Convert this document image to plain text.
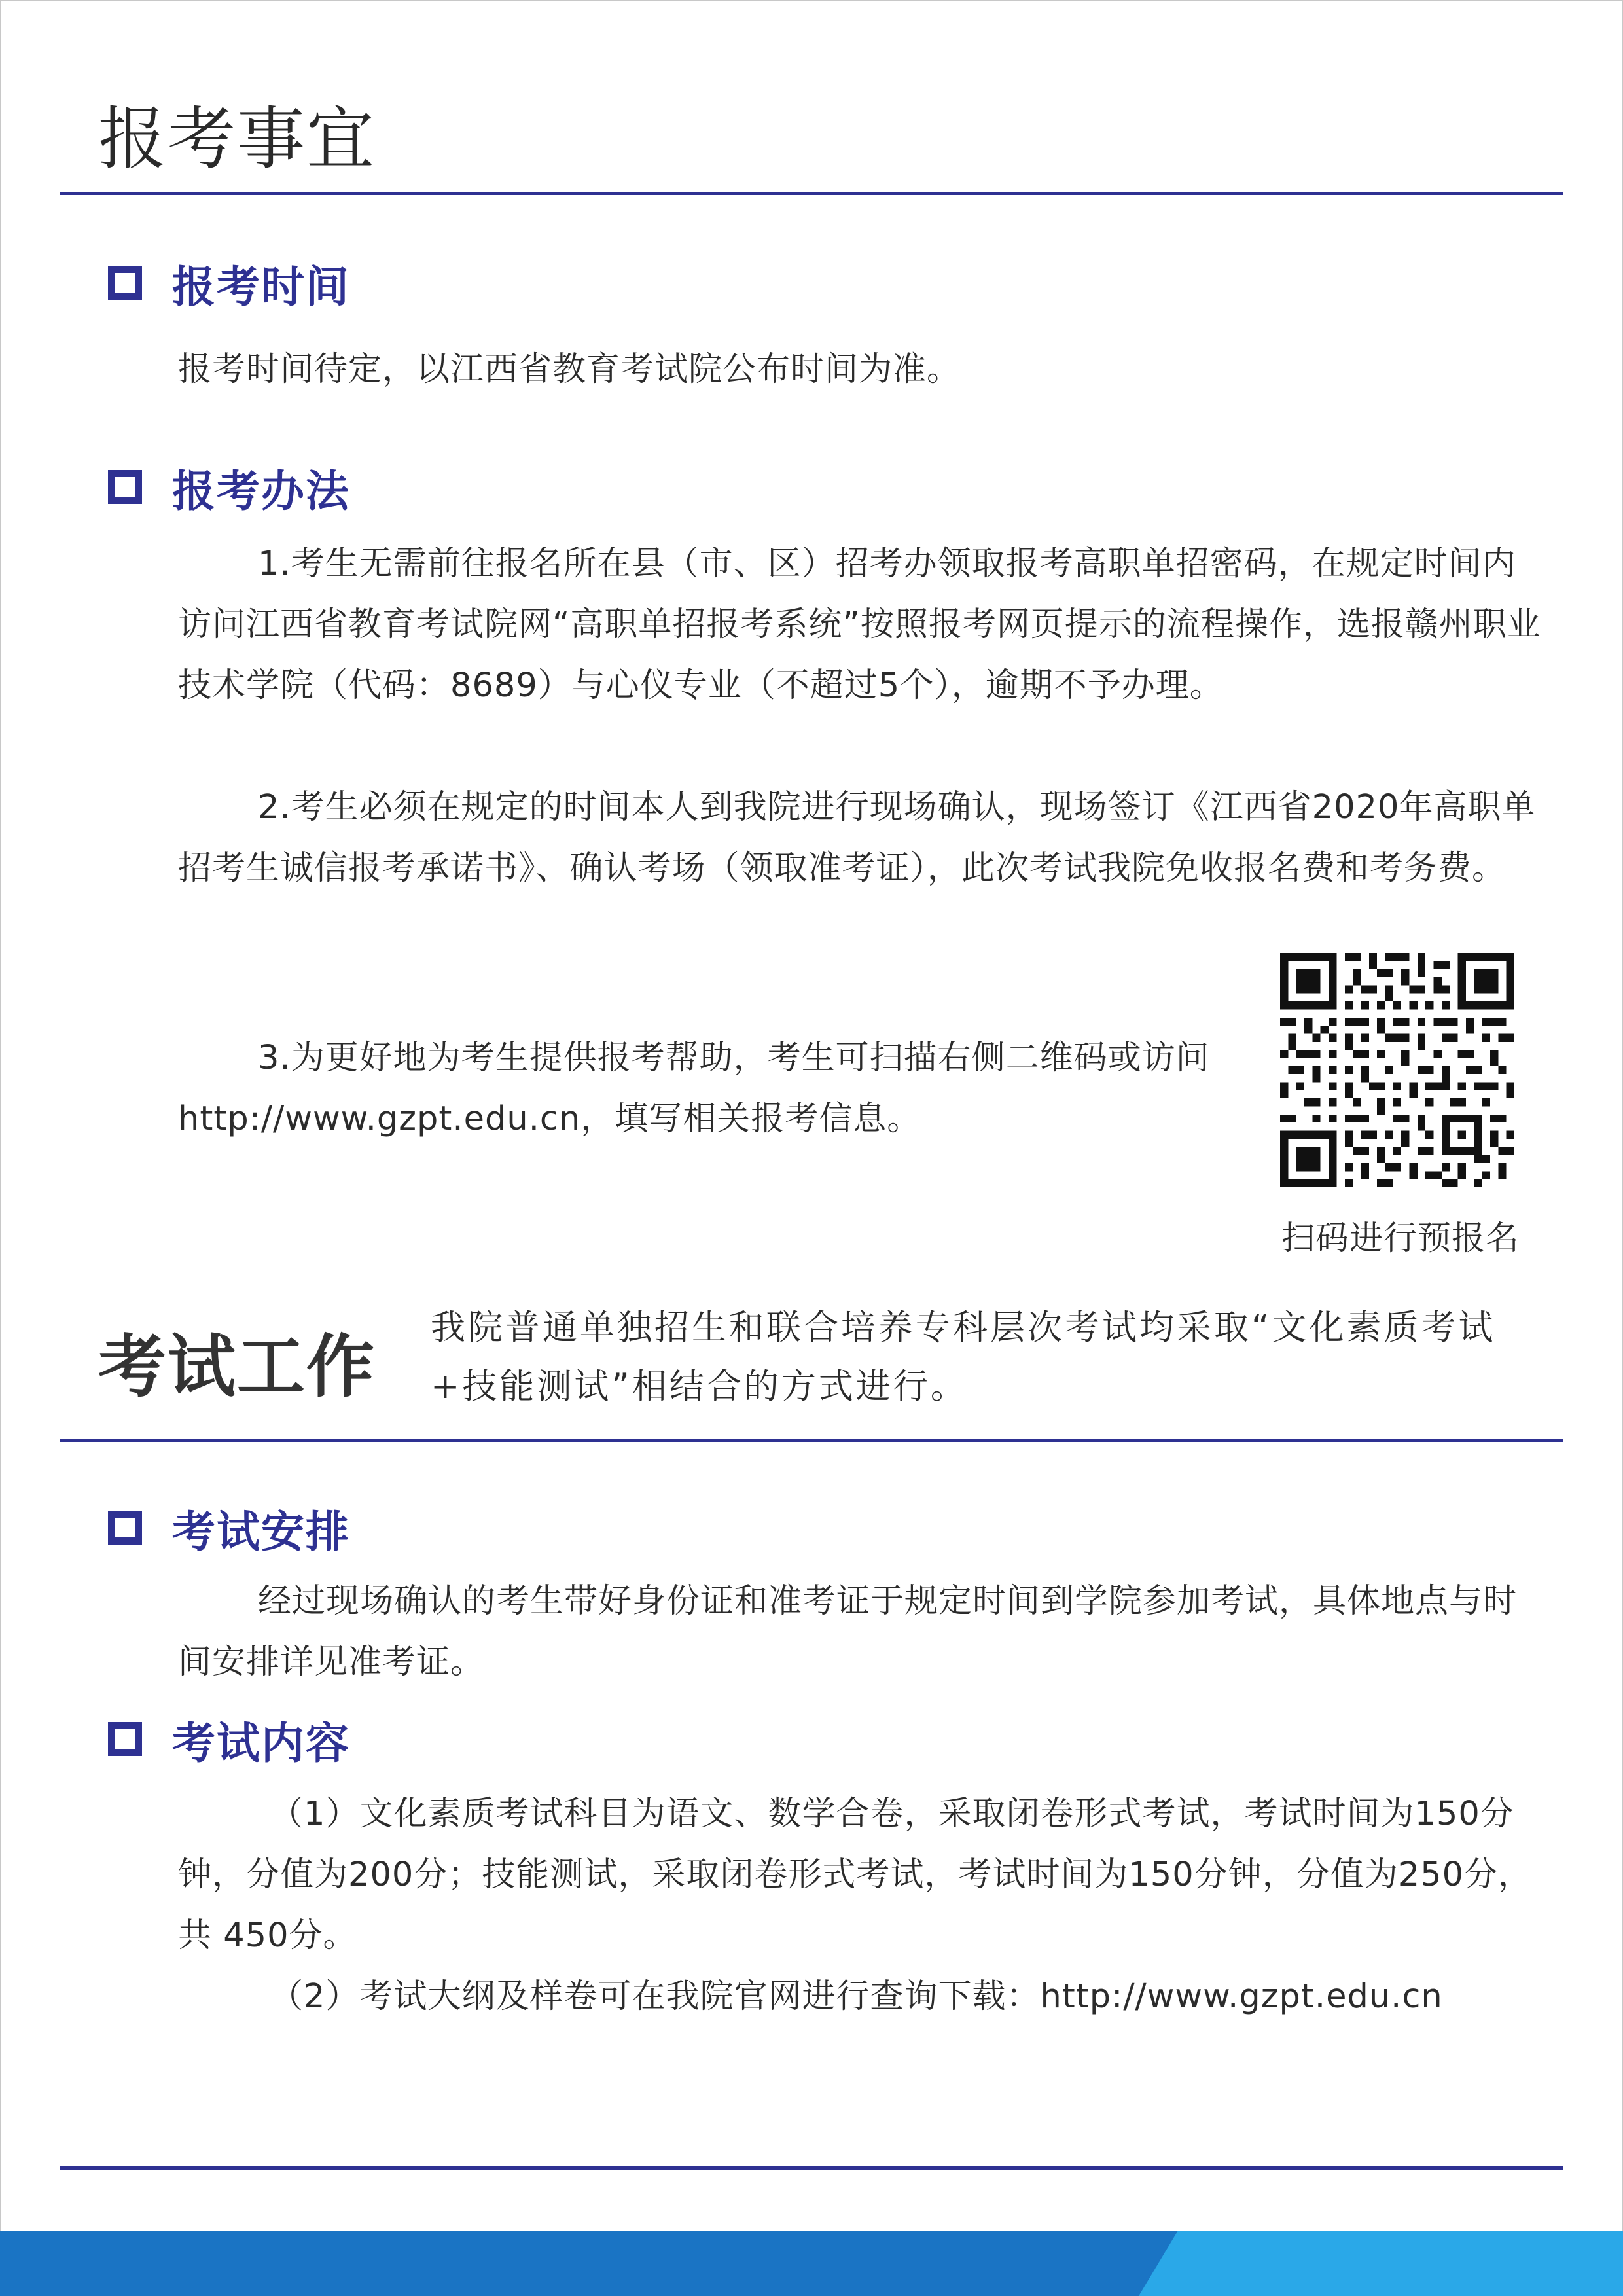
报考事宜
报考时间

报考时间待定，以江西省教育考试院公布时间为准。

报考办法

1.考生无需前往报名所在县（市、区）招考办领取报考高职单招密码，在规定时间内访问江西省教育考试院网“高职单招报考系统”按照报考网页提示的流程操作，选报赣州职业技术学院（代码：8689）与心仪专业（不超过5个），逾期不予办理。

2.考生必须在规定的时间本人到我院进行现场确认，现场签订《江西省2020年高职单招考生诚信报考承诺书》、确认考场（领取准考证），此次考试我院免收报名费和考务费。

3.为更好地为考生提供报考帮助，考生可扫描右侧二维码或访问http://www.gzpt.edu.cn，填写相关报考信息。

扫码进行预报名
考试工作 我院普通单独招生和联合培养专科层次考试均采取“文化素质考试+技能测试”相结合的方式进行。

考试安排

经过现场确认的考生带好身份证和准考证于规定时间到学院参加考试，具体地点与时间安排详见准考证。

考试内容

（1）文化素质考试科目为语文、数学合卷，采取闭卷形式考试，考试时间为150分钟，分值为200分；技能测试，采取闭卷形式考试，考试时间为150分钟，分值为250分，共 450分。

（2）考试大纲及样卷可在我院官网进行查询下载：http://www.gzpt.edu.cn
